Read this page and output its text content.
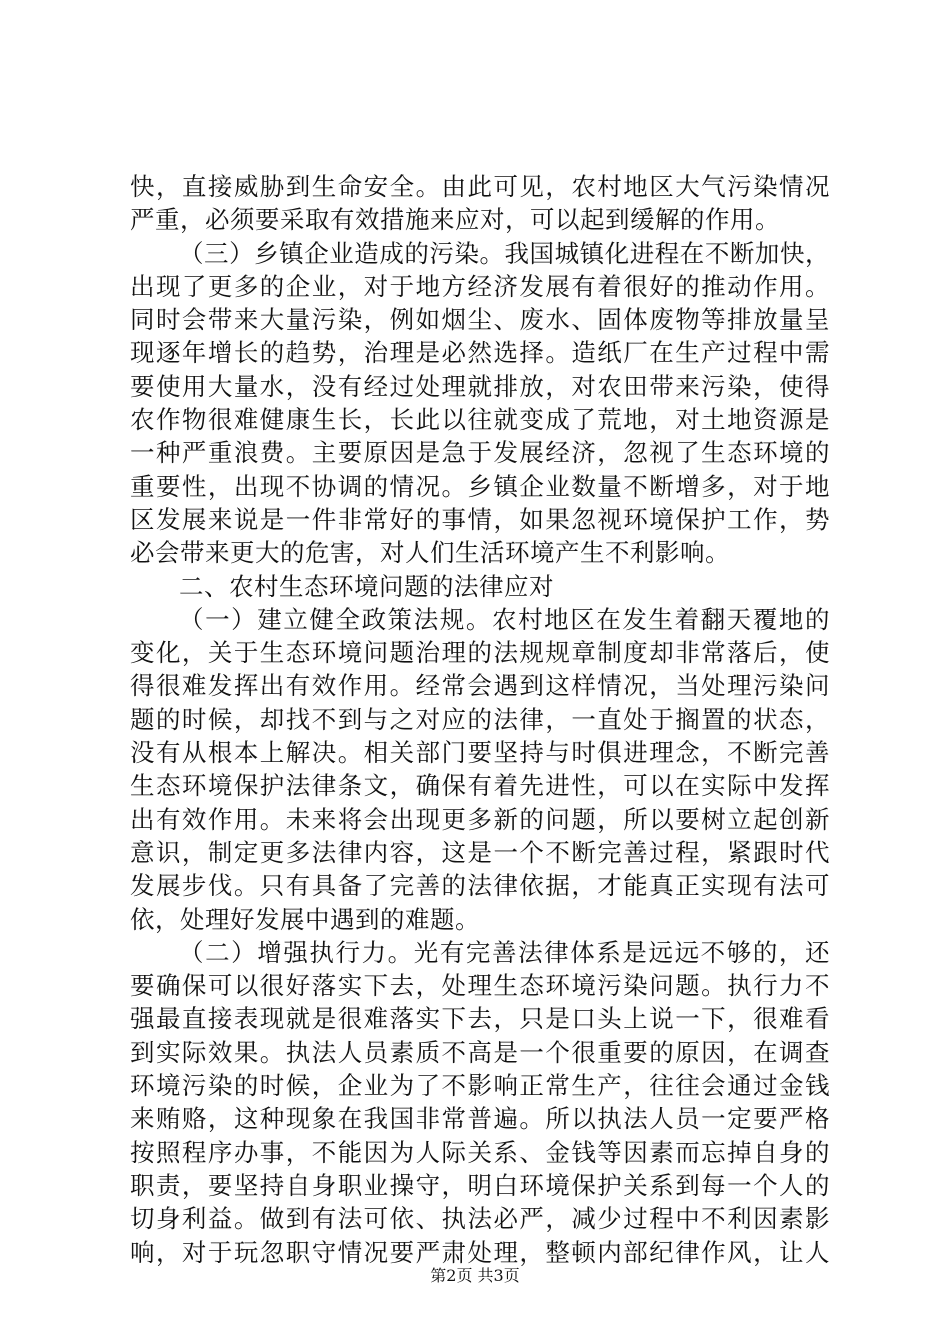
快，直接威胁到生命安全。由此可见，农村地区大气污染情况
严重，必须要采取有效措施来应对，可以起到缓解的作用。
（三）乡镇企业造成的污染。我国城镇化进程在不断加快，
出现了更多的企业，对于地方经济发展有着很好的推动作用。
同时会带来大量污染，例如烟尘、废水、固体废物等排放量呈
现逐年增长的趋势，治理是必然选择。造纸厂在生产过程中需
要使用大量水，没有经过处理就排放，对农田带来污染，使得
农作物很难健康生长，长此以往就变成了荒地，对土地资源是
一种严重浪费。主要原因是急于发展经济，忽视了生态环境的
重要性，出现不协调的情况。乡镇企业数量不断增多，对于地
区发展来说是一件非常好的事情，如果忽视环境保护工作，势
必会带来更大的危害，对人们生活环境产生不利影响。
二、农村生态环境问题的法律应对
（一）建立健全政策法规。农村地区在发生着翻天覆地的
变化，关于生态环境问题治理的法规规章制度却非常落后，使
得很难发挥出有效作用。经常会遇到这样情况，当处理污染问
题的时候，却找不到与之对应的法律，一直处于搁置的状态，
没有从根本上解决。相关部门要坚持与时俱进理念，不断完善
生态环境保护法律条文，确保有着先进性，可以在实际中发挥
出有效作用。未来将会出现更多新的问题，所以要树立起创新
意识，制定更多法律内容，这是一个不断完善过程，紧跟时代
发展步伐。只有具备了完善的法律依据，才能真正实现有法可
依，处理好发展中遇到的难题。
（二）增强执行力。光有完善法律体系是远远不够的，还
要确保可以很好落实下去，处理生态环境污染问题。执行力不
强最直接表现就是很难落实下去，只是口头上说一下，很难看
到实际效果。执法人员素质不高是一个很重要的原因，在调查
环境污染的时候，企业为了不影响正常生产，往往会通过金钱
来贿赂，这种现象在我国非常普遍。所以执法人员一定要严格
按照程序办事，不能因为人际关系、金钱等因素而忘掉自身的
职责，要坚持自身职业操守，明白环境保护关系到每一个人的
切身利益。做到有法可依、执法必严，减少过程中不利因素影
响，对于玩忽职守情况要严肃处理，整顿内部纪律作风，让人
第2页 共3页
